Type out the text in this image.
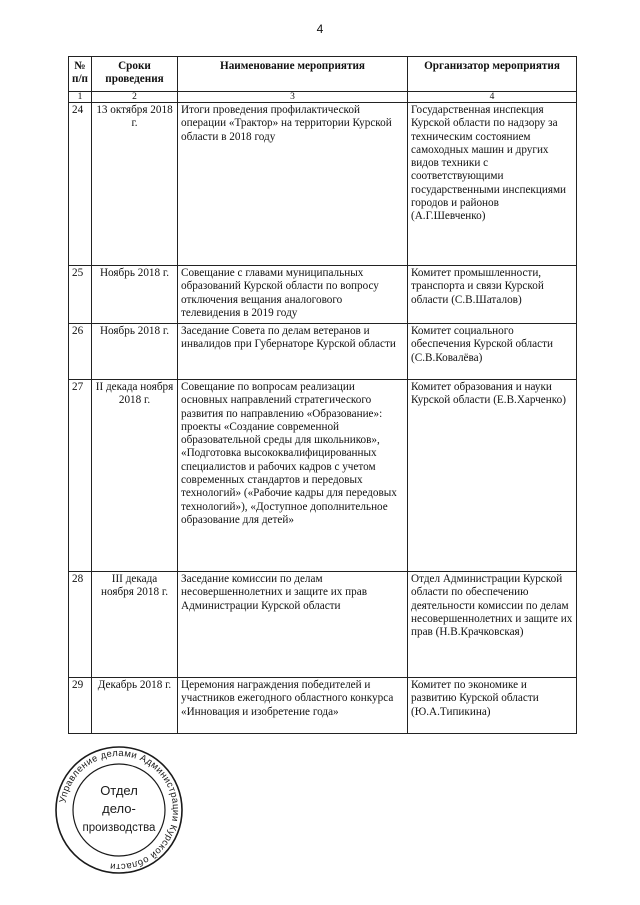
4
№ п/п	Сроки проведения	Наименование мероприятия	Организатор мероприятия
1	2	3	4
24	13 октября 2018 г.	Итоги проведения профилактической операции «Трактор» на территории Курской области в 2018 году	Государственная инспекция Курской области по надзору за техническим состоянием самоходных машин и других видов техники с соответствующими государственными инспекциями городов и районов (А.Г.Шевченко)
25	Ноябрь 2018 г.	Совещание с главами муниципальных образований Курской области по вопросу отключения вещания аналогового телевидения в 2019 году	Комитет промышленности, транспорта и связи Курской области (С.В.Шаталов)
26	Ноябрь 2018 г.	Заседание Совета по делам ветеранов и инвалидов при Губернаторе Курской области	Комитет социального обеспечения Курской области (С.В.Ковалёва)
27	II декада ноября 2018 г.	Совещание по вопросам реализации основных направлений стратегического развития по направлению «Образование»: проекты «Создание современной образовательной среды для школьников», «Подготовка высококвалифицированных специалистов и рабочих кадров с учетом современных стандартов и передовых технологий» («Рабочие кадры для передовых технологий»), «Доступное дополнительное образование для детей»	Комитет образования и науки Курской области (Е.В.Харченко)
28	III декада ноября 2018 г.	Заседание комиссии по делам несовершеннолетних и защите их прав Администрации Курской области	Отдел Администрации Курской области по обеспечению деятельности комиссии по делам несовершеннолетних и защите их прав (Н.В.Крачковская)
29	Декабрь 2018 г.	Церемония награждения победителей и участников ежегодного областного конкурса «Инновация и изобретение года»	Комитет по экономике и развитию Курской области (Ю.А.Типикина)
Управление делами Администрации Курской области
Отдел
дело-
производства
